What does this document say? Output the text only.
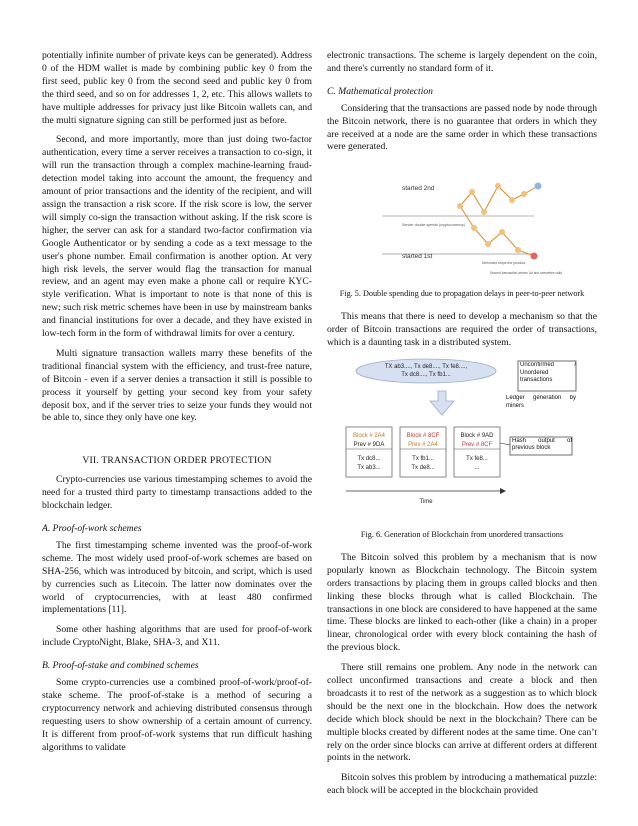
potentially infinite number of private keys can be generated). Address 0 of the HDM wallet is made by combining public key 0 from the first seed, public key 0 from the second seed and public key 0 from the third seed, and so on for addresses 1, 2, etc. This allows wallets to have multiple addresses for privacy just like Bitcoin wallets can, and the multi signature signing can still be performed just as before.

Second, and more importantly, more than just doing two-factor authentication, every time a server receives a transaction to co-sign, it will run the transaction through a complex machine-learning fraud-detection model taking into account the amount, the frequency and amount of prior transactions and the identity of the recipient, and will assign the transaction a risk score. If the risk score is low, the server will simply co-sign the transaction without asking. If the risk score is higher, the server can ask for a standard two-factor confirmation via Google Authenticator or by sending a code as a text message to the user's phone number. Email confirmation is another option. At very high risk levels, the server would flag the transaction for manual review, and an agent may even make a phone call or require KYC-style verification. What is important to note is that none of this is new; such risk metric schemes have been in use by mainstream banks and financial institutions for over a decade, and they have existed in low-tech form in the form of withdrawal limits for over a century.

Multi signature transaction wallets marry these benefits of the traditional financial system with the efficiency, and trust-free nature, of Bitcoin - even if a server denies a transaction it still is possible to process it yourself by getting your second key from your safety deposit box, and if the server tries to seize your funds they would not be able to, since they only have one key.

VII. TRANSACTION ORDER PROTECTION

Crypto-currencies use various timestamping schemes to avoid the need for a trusted third party to timestamp transactions added to the blockchain ledger.

A. Proof-of-work schemes

The first timestamping scheme invented was the proof-of-work scheme. The most widely used proof-of-work schemes are based on SHA-256, which was introduced by bitcoin, and script, which is used by currencies such as Litecoin. The latter now dominates over the world of cryptocurrencies, with at least 480 confirmed implementations [11].

Some other hashing algorithms that are used for proof-of-work include CryptoNight, Blake, SHA-3, and X11.

B. Proof-of-stake and combined schemes

Some crypto-currencies use a combined proof-of-work/proof-of-stake scheme. The proof-of-stake is a method of securing a cryptocurrency network and achieving distributed consensus through requesting users to show ownership of a certain amount of currency. It is different from proof-of-work systems that run difficult hashing algorithms to validate

electronic transactions. The scheme is largely dependent on the coin, and there's currently no standard form of it.

C. Mathematical protection

Considering that the transactions are passed node by node through the Bitcoin network, there is no guarantee that orders in which they are received at a node are the same order in which these transactions were generated.

started 2nd
started 1st
Sender double spends (cryptocurrency)
Merchant ships the product
Second transaction arrives 1st and overwrites valid
Fig. 5. Double spending due to propagation delays in peer-to-peer network

This means that there is need to develop a mechanism so that the order of Bitcoin transactions are required the order of transactions, which is a daunting task in a distributed system.

TX ab3...., Tx de8...., Tx fe8....,
Tx dc8...., Tx fb1...
Unconfirmed / Unordered transactions
Ledger generation by miners
Block # 2A4
Prev # 9DA
Tx dc8...
Tx ab3...
Block # 8CF
Prev # 2A4
Tx fb1...
Tx de8...
Block # 9AD
Prev # 8CF
Tx fe8...
...
Hash output of previous block
Time
Fig. 6. Generation of Blockchain from unordered transactions

The Bitcoin solved this problem by a mechanism that is now popularly known as Blockchain technology. The Bitcoin system orders transactions by placing them in groups called blocks and then linking these blocks through what is called Blockchain. The transactions in one block are considered to have happened at the same time. These blocks are linked to each-other (like a chain) in a proper linear, chronological order with every block containing the hash of the previous block.

There still remains one problem. Any node in the network can collect unconfirmed transactions and create a block and then broadcasts it to rest of the network as a suggestion as to which block should be the next one in the blockchain. How does the network decide which block should be next in the blockchain? There can be multiple blocks created by different nodes at the same time. One can’t rely on the order since blocks can arrive at different orders at different points in the network.

Bitcoin solves this problem by introducing a mathematical puzzle: each block will be accepted in the blockchain provided
